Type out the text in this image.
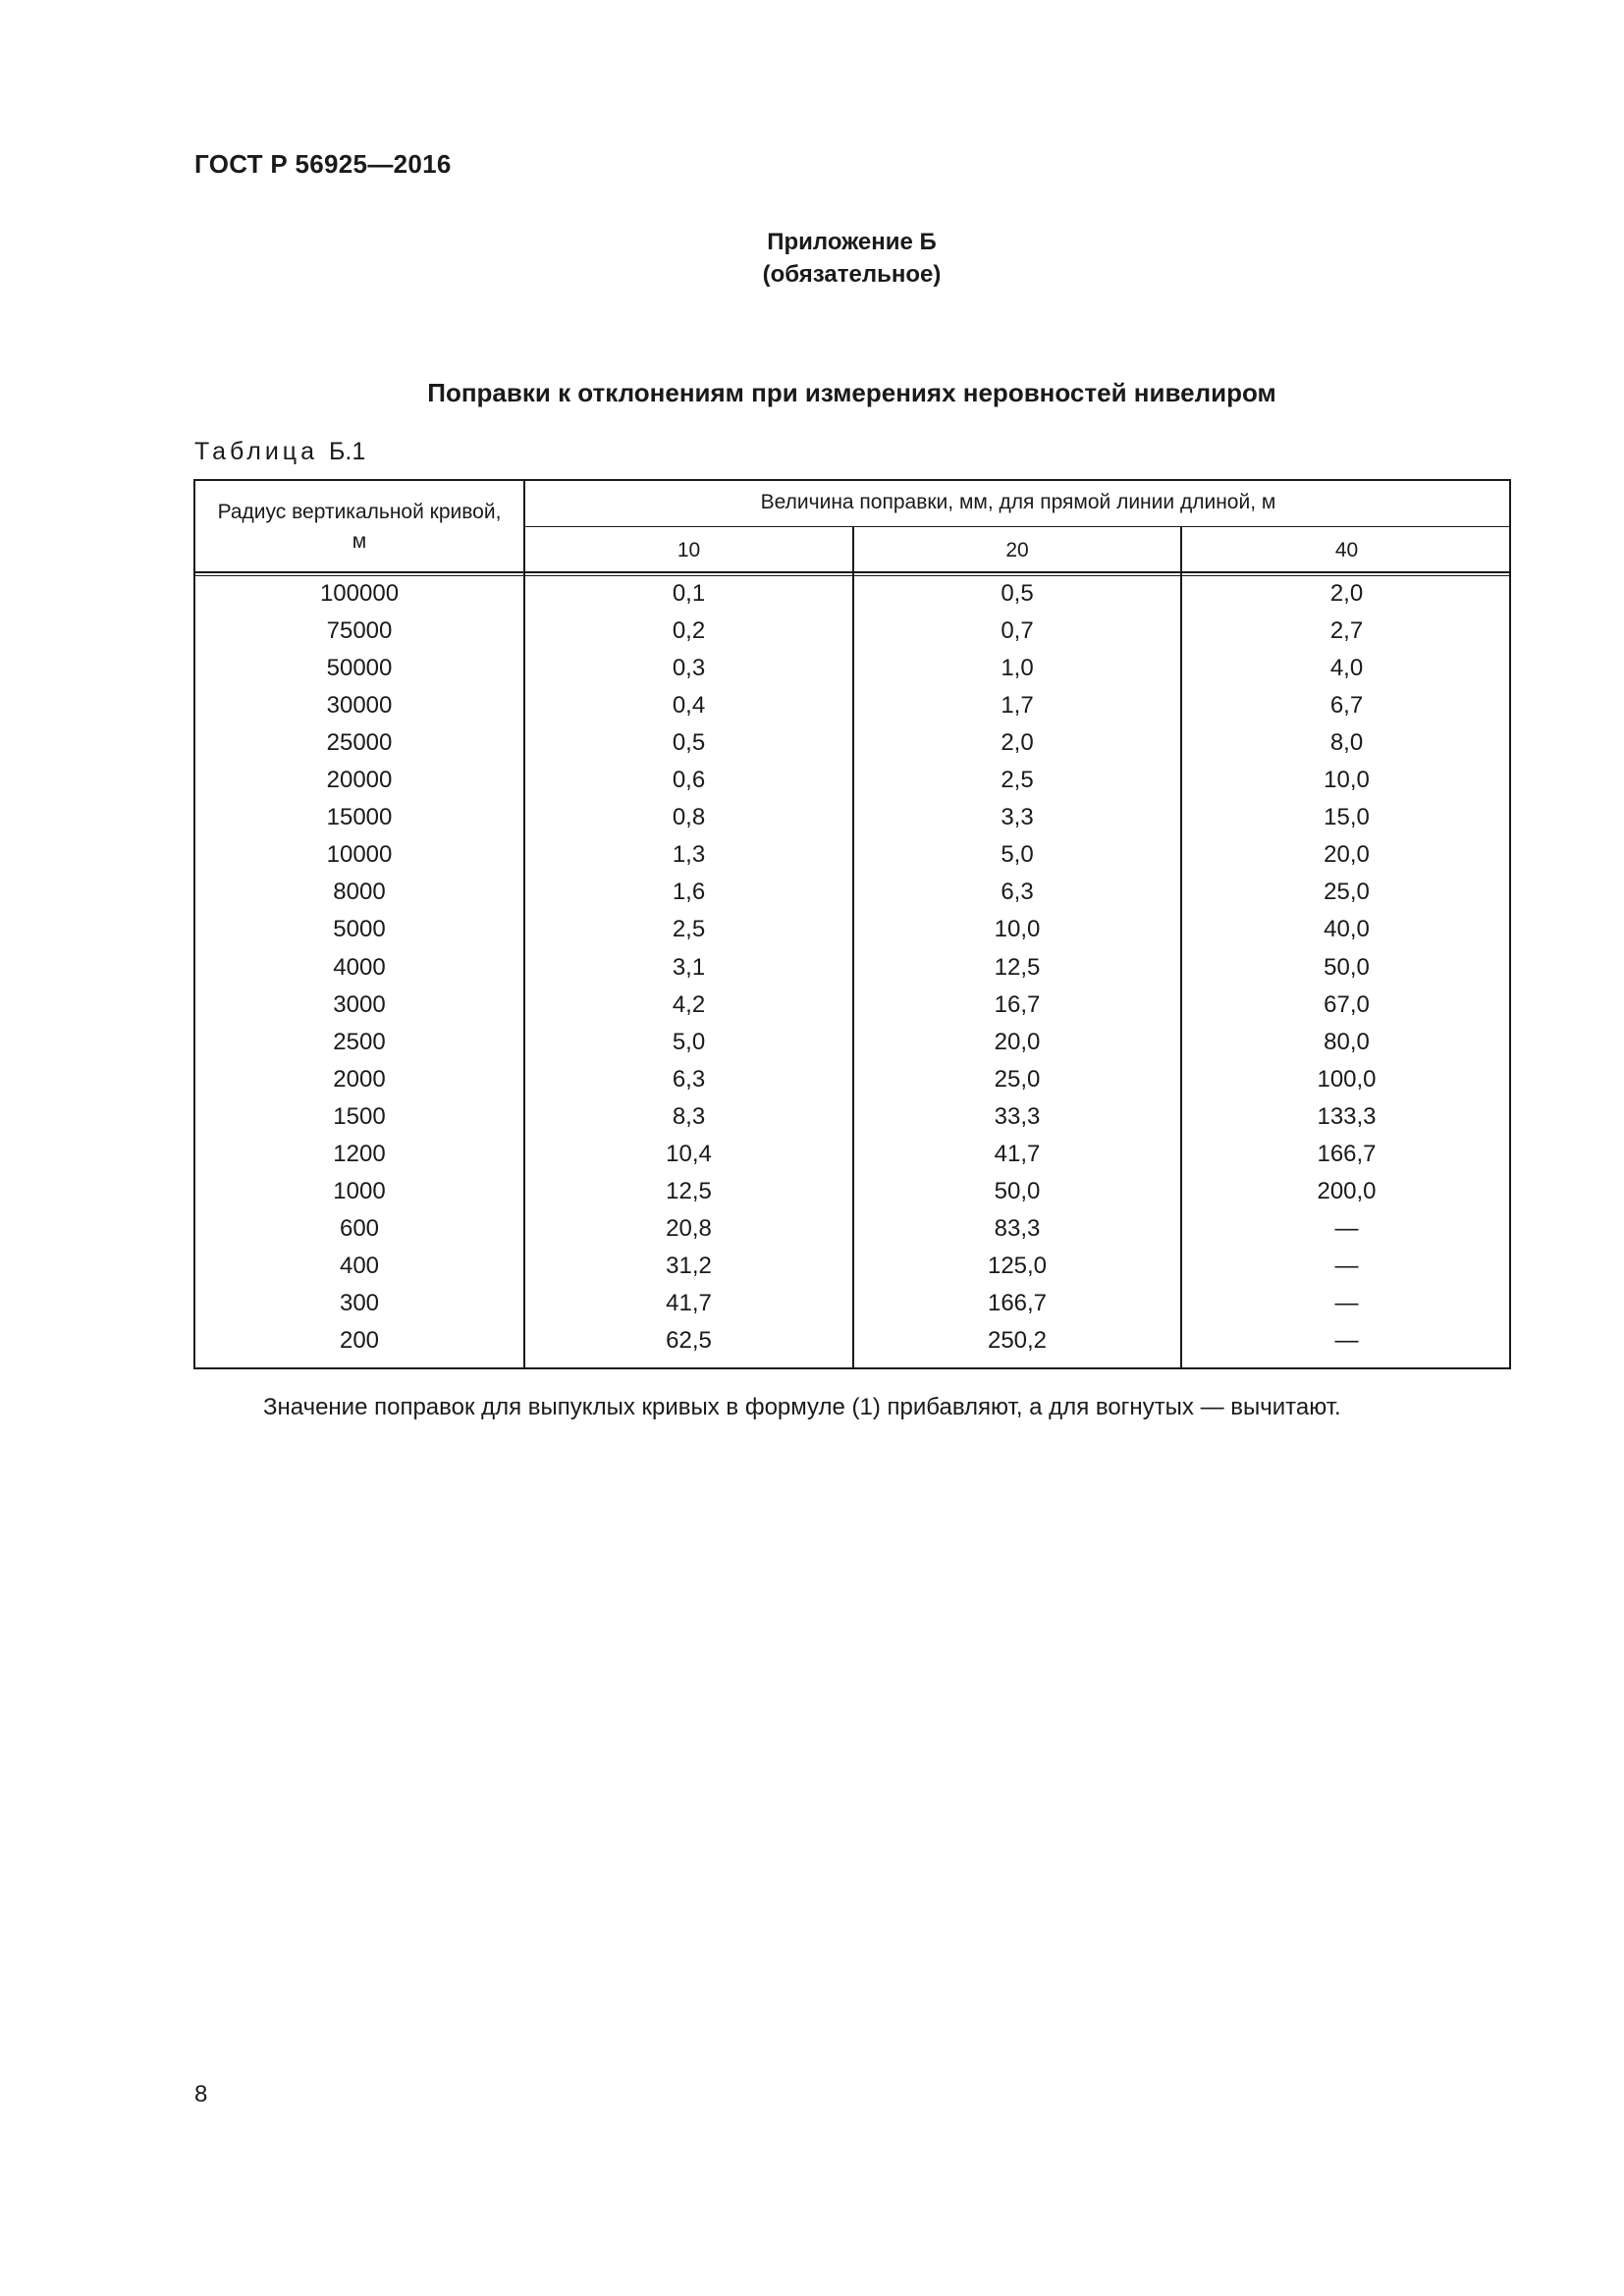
ГОСТ Р 56925—2016
Приложение Б
(обязательное)
Поправки к отклонениям при измерениях неровностей нивелиром
Таблица Б.1
Радиус вертикальной кривой, м
Величина поправки, мм, для прямой линии длиной, м
10	20	40
100000	0,1	0,5	2,0
75000	0,2	0,7	2,7
50000	0,3	1,0	4,0
30000	0,4	1,7	6,7
25000	0,5	2,0	8,0
20000	0,6	2,5	10,0
15000	0,8	3,3	15,0
10000	1,3	5,0	20,0
8000	1,6	6,3	25,0
5000	2,5	10,0	40,0
4000	3,1	12,5	50,0
3000	4,2	16,7	67,0
2500	5,0	20,0	80,0
2000	6,3	25,0	100,0
1500	8,3	33,3	133,3
1200	10,4	41,7	166,7
1000	12,5	50,0	200,0
600	20,8	83,3	—
400	31,2	125,0	—
300	41,7	166,7	—
200	62,5	250,2	—
Значение поправок для выпуклых кривых в формуле (1) прибавляют, а для вогнутых — вычитают.
8
